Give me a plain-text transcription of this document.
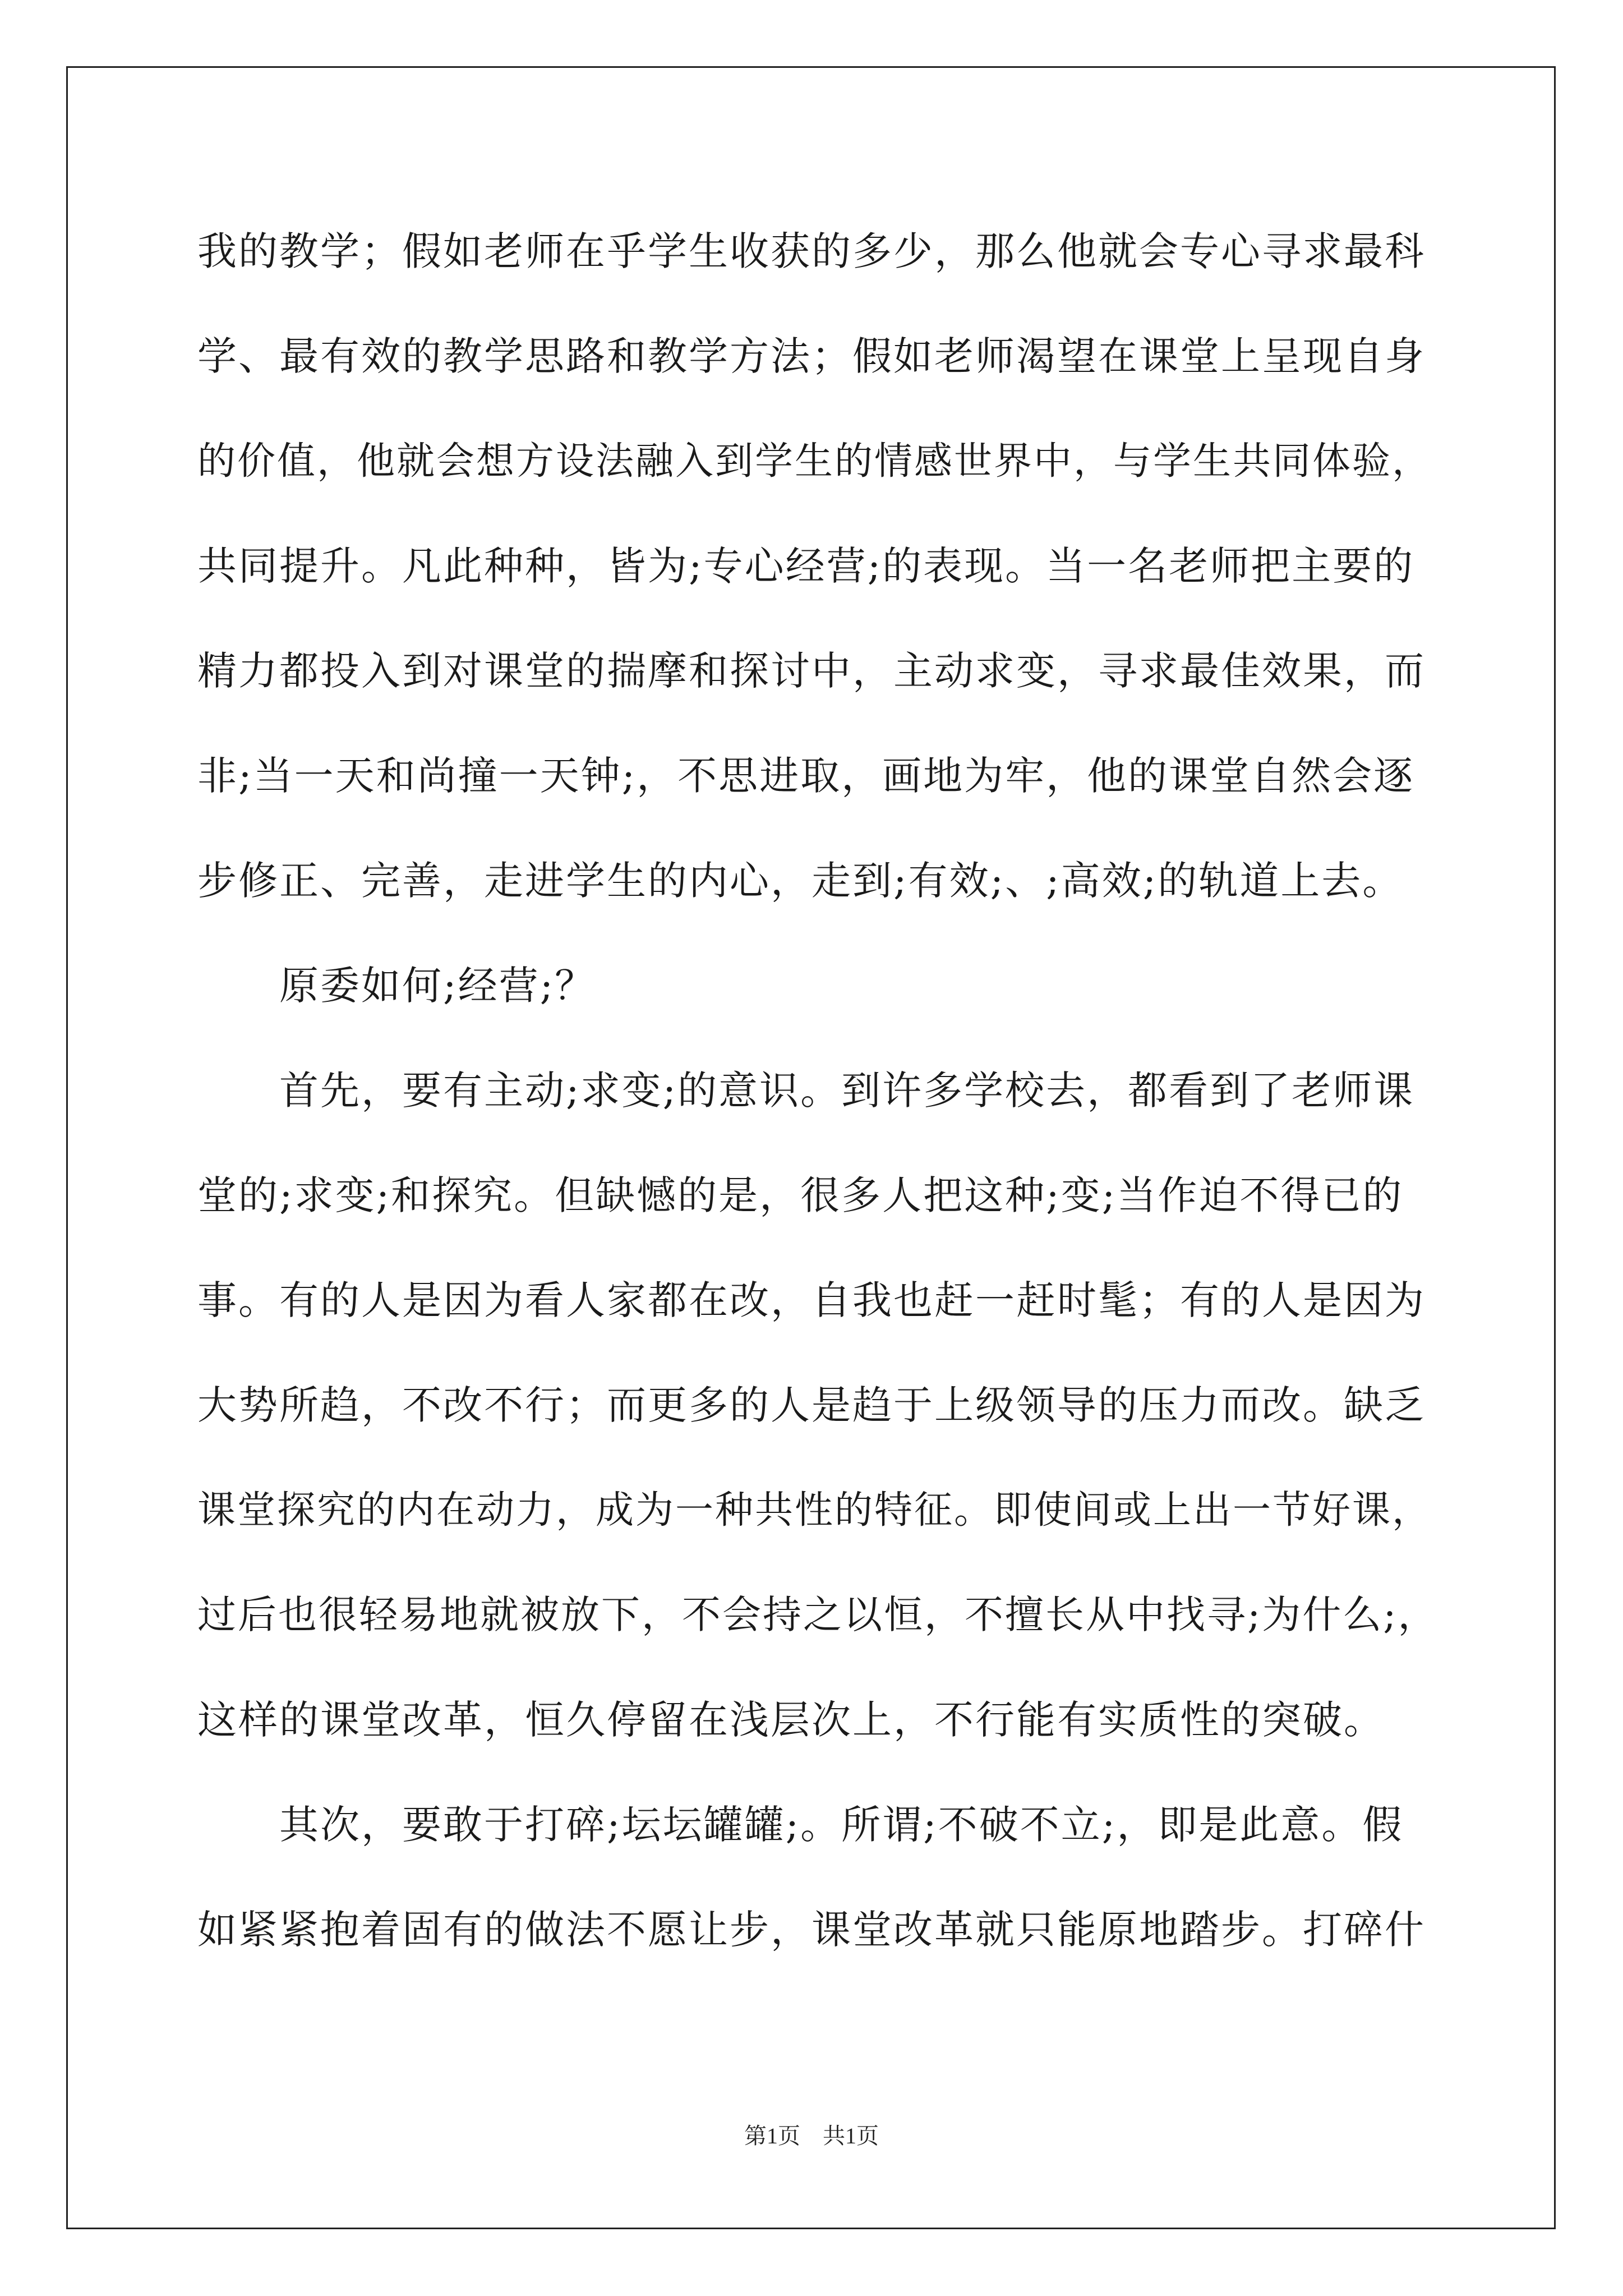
我的教学；假如老师在乎学生收获的多少，那么他就会专心寻求最科
学、最有效的教学思路和教学方法；假如老师渴望在课堂上呈现自身
的价值，他就会想方设法融入到学生的情感世界中，与学生共同体验，
共同提升。凡此种种，皆为;专心经营;的表现。当一名老师把主要的
精力都投入到对课堂的揣摩和探讨中，主动求变，寻求最佳效果，而
非;当一天和尚撞一天钟;，不思进取，画地为牢，他的课堂自然会逐
步修正、完善，走进学生的内心，走到;有效;、;高效;的轨道上去。
　　原委如何;经营;？
　　首先，要有主动;求变;的意识。到许多学校去，都看到了老师课
堂的;求变;和探究。但缺憾的是，很多人把这种;变;当作迫不得已的
事。有的人是因为看人家都在改，自我也赶一赶时髦；有的人是因为
大势所趋，不改不行；而更多的人是趋于上级领导的压力而改。缺乏
课堂探究的内在动力，成为一种共性的特征。即使间或上出一节好课，
过后也很轻易地就被放下，不会持之以恒，不擅长从中找寻;为什么;，
这样的课堂改革，恒久停留在浅层次上，不行能有实质性的突破。
　　其次，要敢于打碎;坛坛罐罐;。所谓;不破不立;，即是此意。假
如紧紧抱着固有的做法不愿让步，课堂改革就只能原地踏步。打碎什
第1页　共1页
